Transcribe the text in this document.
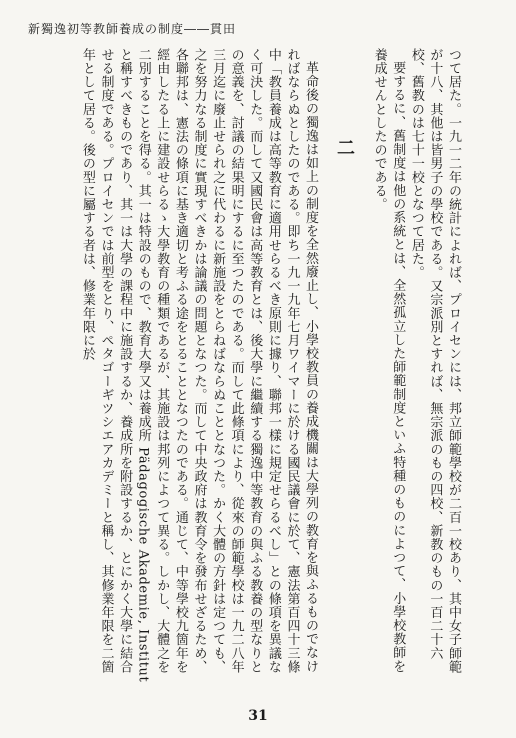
新獨逸初等教師養成の制度――貫田

つて居た。一九一二年の統計によれば、プロイセンには、邦立師範學校が二百一校あり、其中女子師範が十八、其他は皆男子の學校である。又宗派別とすれば、無宗派のもの四校、新教のもの一百二十六校、舊教のは七十一校となつて居た。

要するに、舊制度は他の系統とは、全然孤立した師範制度といふ特種のものによつて、小學校教師を養成せんとしたのである。

二

革命後の獨逸は如上の制度を全然廢止し、小學校教員の養成機關は大學列の教育を與ふるものでなければならぬとしたのである。即ち一九一九年七月ワイマーに於ける國民議會に於て、憲法第百四十三條中「教員養成は高等教育に適用せらるべき原則に據り、聯邦一樣に規定せらるべし」との條項を異議なく可決した。而して又國民會は高等教育とは、後大學に繼續する獨逸中等教育の與ふる教養の型なりとの意義を、討議の結果明にするに至つたのである。而して此條項により、從來の師範學校は一九二八年三月迄に廢止せられ之に代わるに新施設をとらねばならぬこととなつた。かく大體の方針は定つても、之を努力なる制度に實現すべきかは論議の問題となつた。而して中央政府は教育令を發布せざるため、各聯邦は、憲法の條項に基き適切と考ふる途をとることとなつたのである。通じて、中等學校九箇年を經由したる上に建設せらるゝ大學教育の種類であるが、其施設は邦列によつて異る。しかし、大體之を二別することを得る。其一は特設のもので、教育大學又は養成所 Pädagogische Akademie, Institut と稱すべきものであり、其一は大學の課程中に施設するか、養成所を附設するか、とにかく大學に結合せる制度である。プロイセンでは前型をとり、ペタゴーギツシエアカデミーと稱し、其修業年限を二箇年として居る。後の型に屬する者は、修業年限に於

31
